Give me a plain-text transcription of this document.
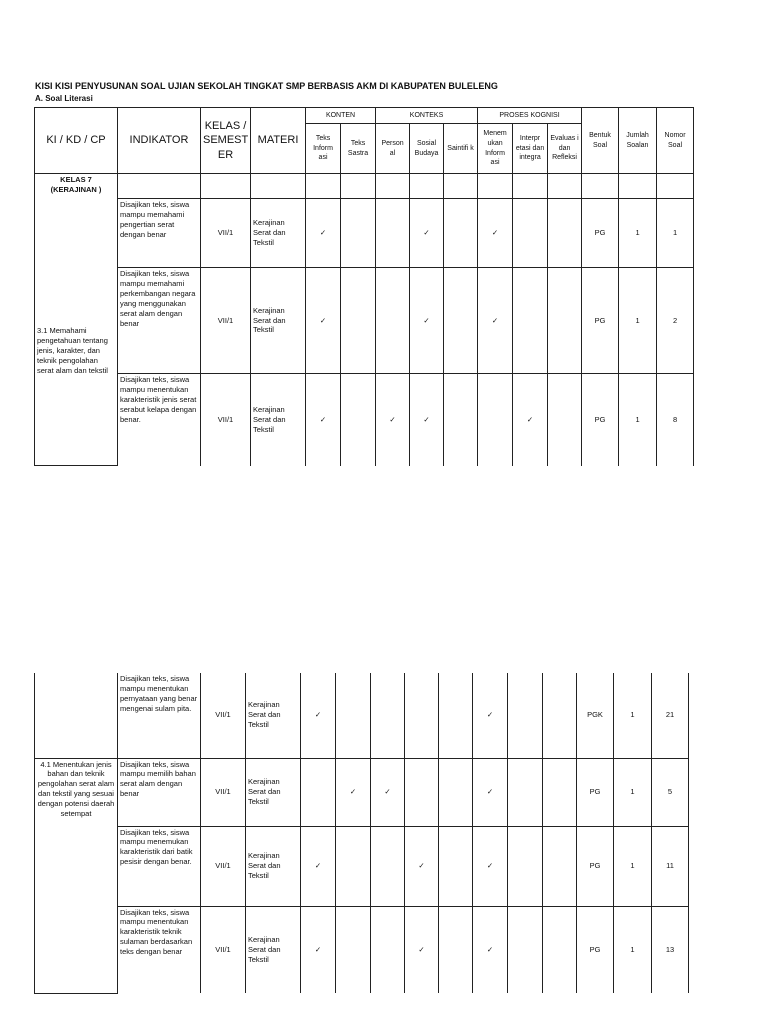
KISI KISI PENYUSUNAN SOAL UJIAN SEKOLAH TINGKAT SMP BERBASIS AKM DI KABUPATEN BULELENG
A. Soal Literasi
KI / KD / CP	INDIKATOR	KELAS / SEMEST ER	MATERI	KONTEN		KONTEKS			PROSES KOGNISI			Bentuk Soal	Jumlah Soalan	Nomor Soal
				Teks Inform asi	Teks Sastra	Person al	Sosial Budaya	Saintifi k	Menem ukan Inform asi	Interpr etasi dan integra	Evaluas i dan Refleksi			
KELAS 7 (KERAJINAN )														
3.1 Memahami pengetahuan tentang jenis, karakter, dan teknik pengolahan serat alam dan tekstil	Disajikan teks, siswa mampu memahami pengertian serat dengan benar	VII/1	Kerajinan Serat dan Tekstil	✓			✓		✓			PG	1	1
	Disajikan teks, siswa mampu memahami perkembangan negara yang menggunakan serat alam dengan benar	VII/1	Kerajinan Serat dan Tekstil	✓			✓		✓			PG	1	2
	Disajikan teks, siswa mampu menentukan karakteristik jenis serat serabut kelapa dengan benar.	VII/1	Kerajinan Serat dan Tekstil	✓		✓	✓			✓		PG	1	8
	Disajikan teks, siswa mampu menentukan pernyataan yang benar mengenai sulam pita.	VII/1	Kerajinan Serat dan Tekstil	✓					✓			PGK	1	21
4.1 Menentukan jenis bahan dan teknik pengolahan serat alam dan tekstil yang sesuai dengan potensi daerah setempat	Disajikan teks, siswa mampu memilih bahan serat alam dengan benar	VII/1	Kerajinan Serat dan Tekstil		✓	✓			✓			PG	1	5
	Disajikan teks, siswa mampu menemukan karakteristik dari batik pesisir dengan benar.	VII/1	Kerajinan Serat dan Tekstil	✓			✓		✓			PG	1	11
	Disajikan teks, siswa mampu menentukan karakteristik teknik sulaman berdasarkan teks dengan benar	VII/1	Kerajinan Serat dan Tekstil	✓			✓		✓			PG	1	13
